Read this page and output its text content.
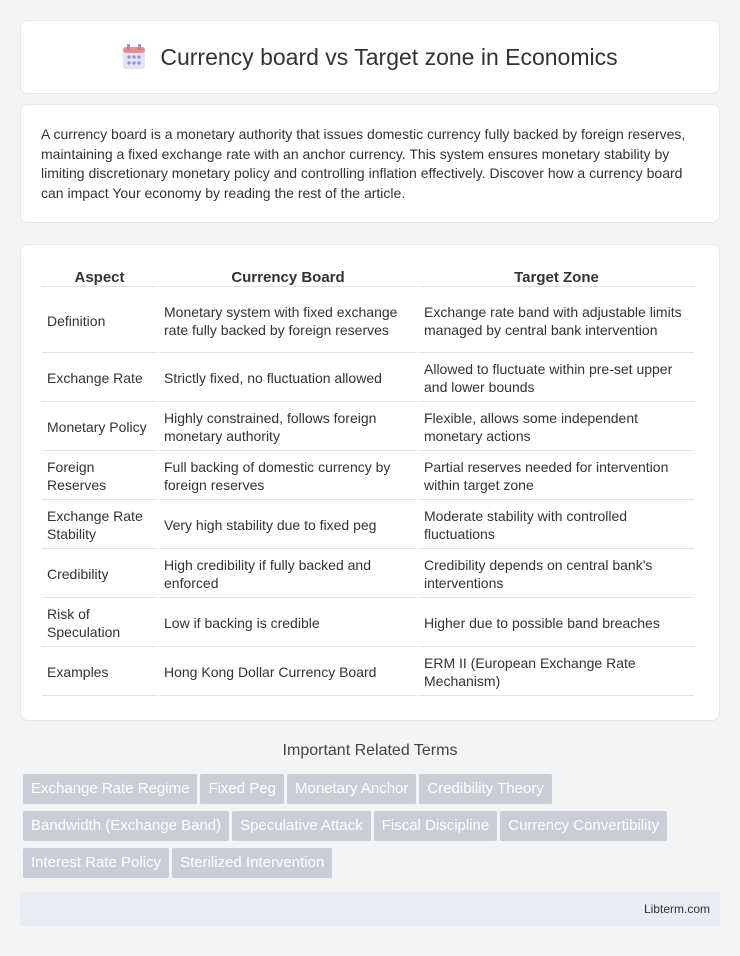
Currency board vs Target zone in Economics

A currency board is a monetary authority that issues domestic currency fully backed by foreign reserves, maintaining a fixed exchange rate with an anchor currency. This system ensures monetary stability by limiting discretionary monetary policy and controlling inflation effectively. Discover how a currency board can impact Your economy by reading the rest of the article.

Aspect	Currency Board	Target Zone
Definition	Monetary system with fixed exchange rate fully backed by foreign reserves	Exchange rate band with adjustable limits managed by central bank intervention
Exchange Rate	Strictly fixed, no fluctuation allowed	Allowed to fluctuate within pre-set upper and lower bounds
Monetary Policy	Highly constrained, follows foreign monetary authority	Flexible, allows some independent monetary actions
Foreign Reserves	Full backing of domestic currency by foreign reserves	Partial reserves needed for intervention within target zone
Exchange Rate Stability	Very high stability due to fixed peg	Moderate stability with controlled fluctuations
Credibility	High credibility if fully backed and enforced	Credibility depends on central bank's interventions
Risk of Speculation	Low if backing is credible	Higher due to possible band breaches
Examples	Hong Kong Dollar Currency Board	ERM II (European Exchange Rate Mechanism)
Important Related Terms
Exchange Rate Regime Fixed Peg Monetary Anchor Credibility Theory
Bandwidth (Exchange Band) Speculative Attack Fiscal Discipline Currency Convertibility
Interest Rate Policy Sterilized Intervention
Libterm.com
